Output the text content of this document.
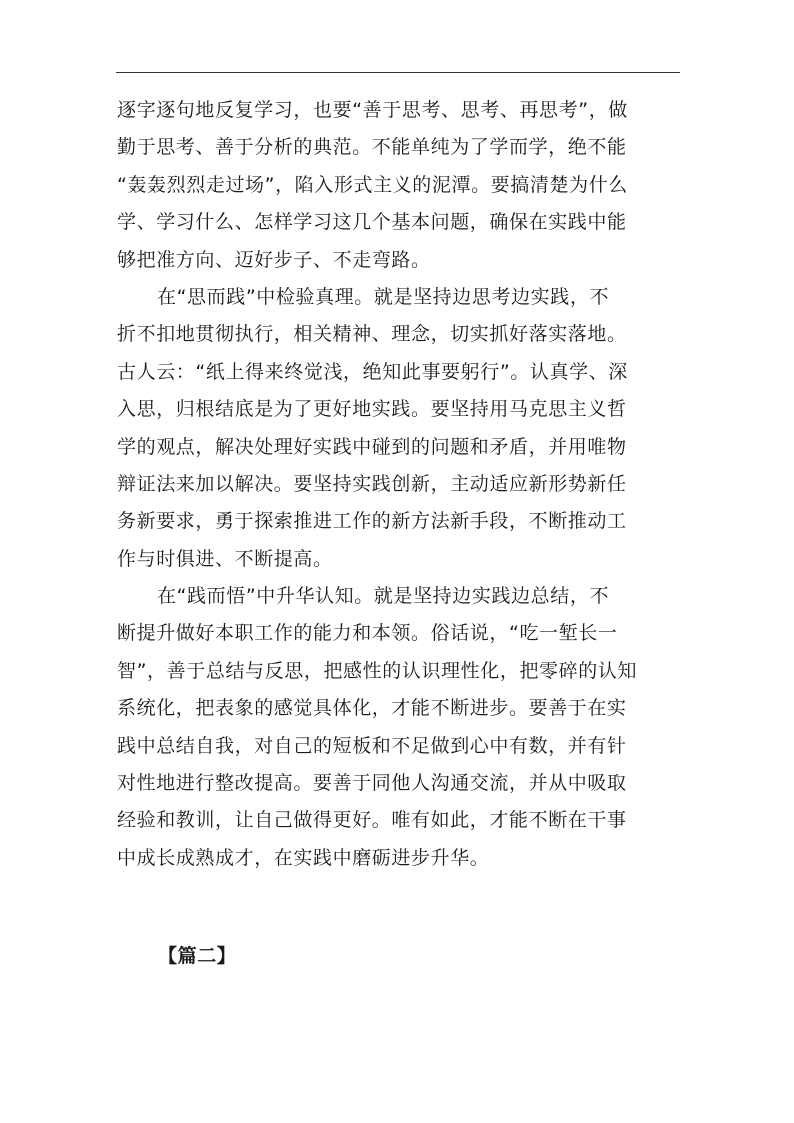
逐字逐句地反复学习，也要“善于思考、思考、再思考”，做
勤于思考、善于分析的典范。不能单纯为了学而学，绝不能
“轰轰烈烈走过场”，陷入形式主义的泥潭。要搞清楚为什么
学、学习什么、怎样学习这几个基本问题，确保在实践中能
够把准方向、迈好步子、不走弯路。
在“思而践”中检验真理。就是坚持边思考边实践，不
折不扣地贯彻执行，相关精神、理念，切实抓好落实落地。
古人云：“纸上得来终觉浅，绝知此事要躬行”。认真学、深
入思，归根结底是为了更好地实践。要坚持用马克思主义哲
学的观点，解决处理好实践中碰到的问题和矛盾，并用唯物
辩证法来加以解决。要坚持实践创新，主动适应新形势新任
务新要求，勇于探索推进工作的新方法新手段，不断推动工
作与时俱进、不断提高。
在“践而悟”中升华认知。就是坚持边实践边总结，不
断提升做好本职工作的能力和本领。俗话说，“吃一堑长一
智”，善于总结与反思，把感性的认识理性化，把零碎的认知
系统化，把表象的感觉具体化，才能不断进步。要善于在实
践中总结自我，对自己的短板和不足做到心中有数，并有针
对性地进行整改提高。要善于同他人沟通交流，并从中吸取
经验和教训，让自己做得更好。唯有如此，才能不断在干事
中成长成熟成才，在实践中磨砺进步升华。
【篇二】
